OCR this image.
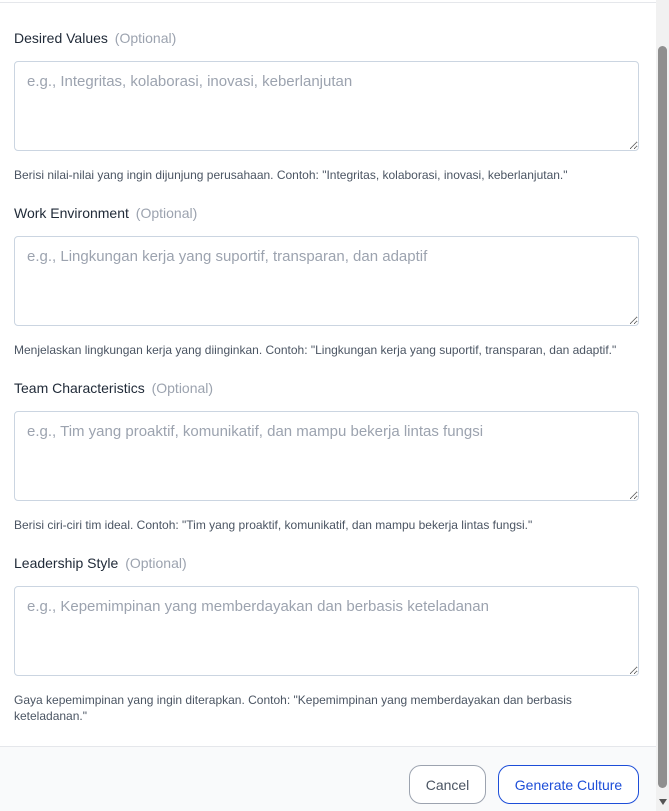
Desired Values (Optional)
e.g., Integritas, kolaborasi, inovasi, keberlanjutan
Berisi nilai-nilai yang ingin dijunjung perusahaan. Contoh: "Integritas, kolaborasi, inovasi, keberlanjutan."
Work Environment (Optional)
e.g., Lingkungan kerja yang suportif, transparan, dan adaptif
Menjelaskan lingkungan kerja yang diinginkan. Contoh: "Lingkungan kerja yang suportif, transparan, dan adaptif."
Team Characteristics (Optional)
e.g., Tim yang proaktif, komunikatif, dan mampu bekerja lintas fungsi
Berisi ciri-ciri tim ideal. Contoh: "Tim yang proaktif, komunikatif, dan mampu bekerja lintas fungsi."
Leadership Style (Optional)
e.g., Kepemimpinan yang memberdayakan dan berbasis keteladanan
Gaya kepemimpinan yang ingin diterapkan. Contoh: "Kepemimpinan yang memberdayakan dan berbasis keteladanan."
Cancel	Generate Culture
